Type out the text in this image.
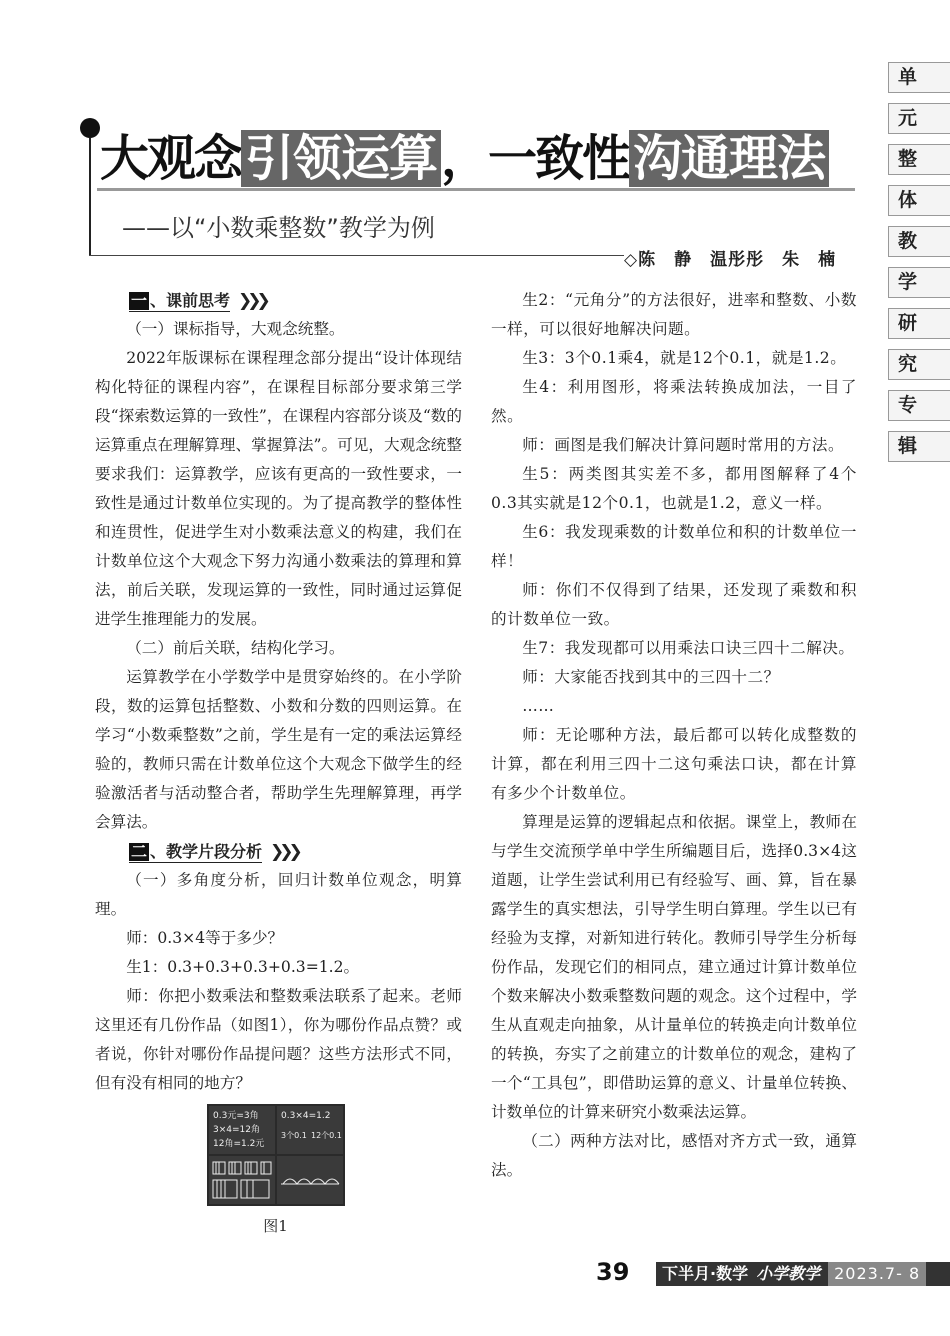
单
元
整
体
教
学
研
究
专
辑
大观念引领运算，一致性沟通理法
——以“小数乘整数”教学为例
◇陈　静　温彤彤　朱　楠
一 、课前思考 ❯❯❯

（一）课标指导，大观念统整。

2022年版课标在课程理念部分提出“设计体现结构化特征的课程内容”，在课程目标部分要求第三学段“探索数运算的一致性”，在课程内容部分谈及“数的运算重点在理解算理、掌握算法”。可见，大观念统整要求我们：运算教学，应该有更高的一致性要求，一致性是通过计数单位实现的。为了提高教学的整体性和连贯性，促进学生对小数乘法意义的构建，我们在计数单位这个大观念下努力沟通小数乘法的算理和算法，前后关联，发现运算的一致性，同时通过运算促进学生推理能力的发展。

（二）前后关联，结构化学习。

运算教学在小学数学中是贯穿始终的。在小学阶段，数的运算包括整数、小数和分数的四则运算。在学习“小数乘整数”之前，学生是有一定的乘法运算经验的，教师只需在计数单位这个大观念下做学生的经验激活者与活动整合者，帮助学生先理解算理，再学会算法。

二 、教学片段分析 ❯❯❯

（一）多角度分析，回归计数单位观念，明算理。

师：0.3×4等于多少？

生1：0.3+0.3+0.3+0.3=1.2。

师：你把小数乘法和整数乘法联系了起来。老师这里还有几份作品（如图1），你为哪份作品点赞？或者说，你针对哪份作品提问题？这些方法形式不同，但有没有相同的地方？

0.3元=3角
3×4=12角
12角=1.2元
0.3×4=1.2
3个0.1 12个0.1
图1

生2：“元角分”的方法很好，进率和整数、小数一样，可以很好地解决问题。

生3：3个0.1乘4，就是12个0.1，就是1.2。

生4：利用图形，将乘法转换成加法，一目了然。

师：画图是我们解决计算问题时常用的方法。

生5：两类图其实差不多，都用图解释了4个0.3其实就是12个0.1，也就是1.2，意义一样。

生6：我发现乘数的计数单位和积的计数单位一样！

师：你们不仅得到了结果，还发现了乘数和积的计数单位一致。

生7：我发现都可以用乘法口诀三四十二解决。

师：大家能否找到其中的三四十二？

……

师：无论哪种方法，最后都可以转化成整数的计算，都在利用三四十二这句乘法口诀，都在计算有多少个计数单位。

算理是运算的逻辑起点和依据。课堂上，教师在与学生交流预学单中学生所编题目后，选择0.3×4这道题，让学生尝试利用已有经验写、画、算，旨在暴露学生的真实想法，引导学生明白算理。学生以已有经验为支撑，对新知进行转化。教师引导学生分析每份作品，发现它们的相同点，建立通过计算计数单位个数来解决小数乘整数问题的观念。这个过程中，学生从直观走向抽象，从计量单位的转换走向计数单位的转换，夯实了之前建立的计数单位的观念，建构了一个“工具包”，即借助运算的意义、计量单位转换、计数单位的计算来研究小数乘法运算。

（二）两种方法对比，感悟对齐方式一致，通算法。

39	下半月·数学 小学教学 2023.7- 8
